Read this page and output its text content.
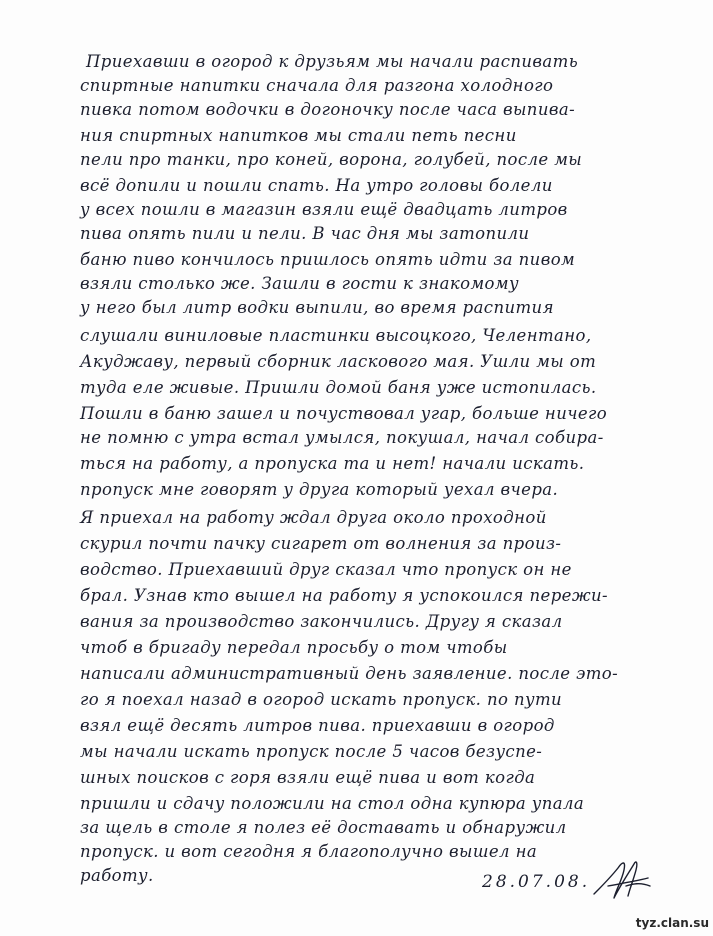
Приехавши в огород к друзьям мы начали распивать
спиртные напитки сначала для разгона холодного
пивка потом водочки в догоночку после часа выпива-
ния спиртных напитков мы стали петь песни
пели про танки, про коней, ворона, голубей, после мы
всё допили и пошли спать. На утро головы болели
у всех пошли в магазин взяли ещё двадцать литров
пива опять пили и пели. В час дня мы затопили
баню пиво кончилось пришлось опять идти за пивом
взяли столько же. Зашли в гости к знакомому
у него был литр водки выпили, во время распития
слушали виниловые пластинки высоцкого, Челентано,
Акуджаву, первый сборник ласкового мая. Ушли мы от
туда еле живые. Пришли домой баня уже истопилась.
Пошли в баню зашел и почуствовал угар, больше ничего
не помню с утра встал умылся, покушал, начал собира-
ться на работу, а пропуска та и нет! начали искать.
пропуск мне говорят у друга который уехал вчера.
Я приехал на работу ждал друга около проходной
скурил почти пачку сигарет от волнения за произ-
водство. Приехавший друг сказал что пропуск он не
брал. Узнав кто вышел на работу я успокоился пережи-
вания за производство закончились. Другу я сказал
чтоб в бригаду передал просьбу о том чтобы
написали административный день заявление. после это-
го я поехал назад в огород искать пропуск. по пути
взял ещё десять литров пива. приехавши в огород
мы начали искать пропуск после 5 часов безуспе-
шных поисков с горя взяли ещё пива и вот когда
пришли и сдачу положили на стол одна купюра упала
за щель в столе я полез её доставать и обнаружил
пропуск. и вот сегодня я благополучно вышел на
работу.	28.07.08.
tyz.clan.su
